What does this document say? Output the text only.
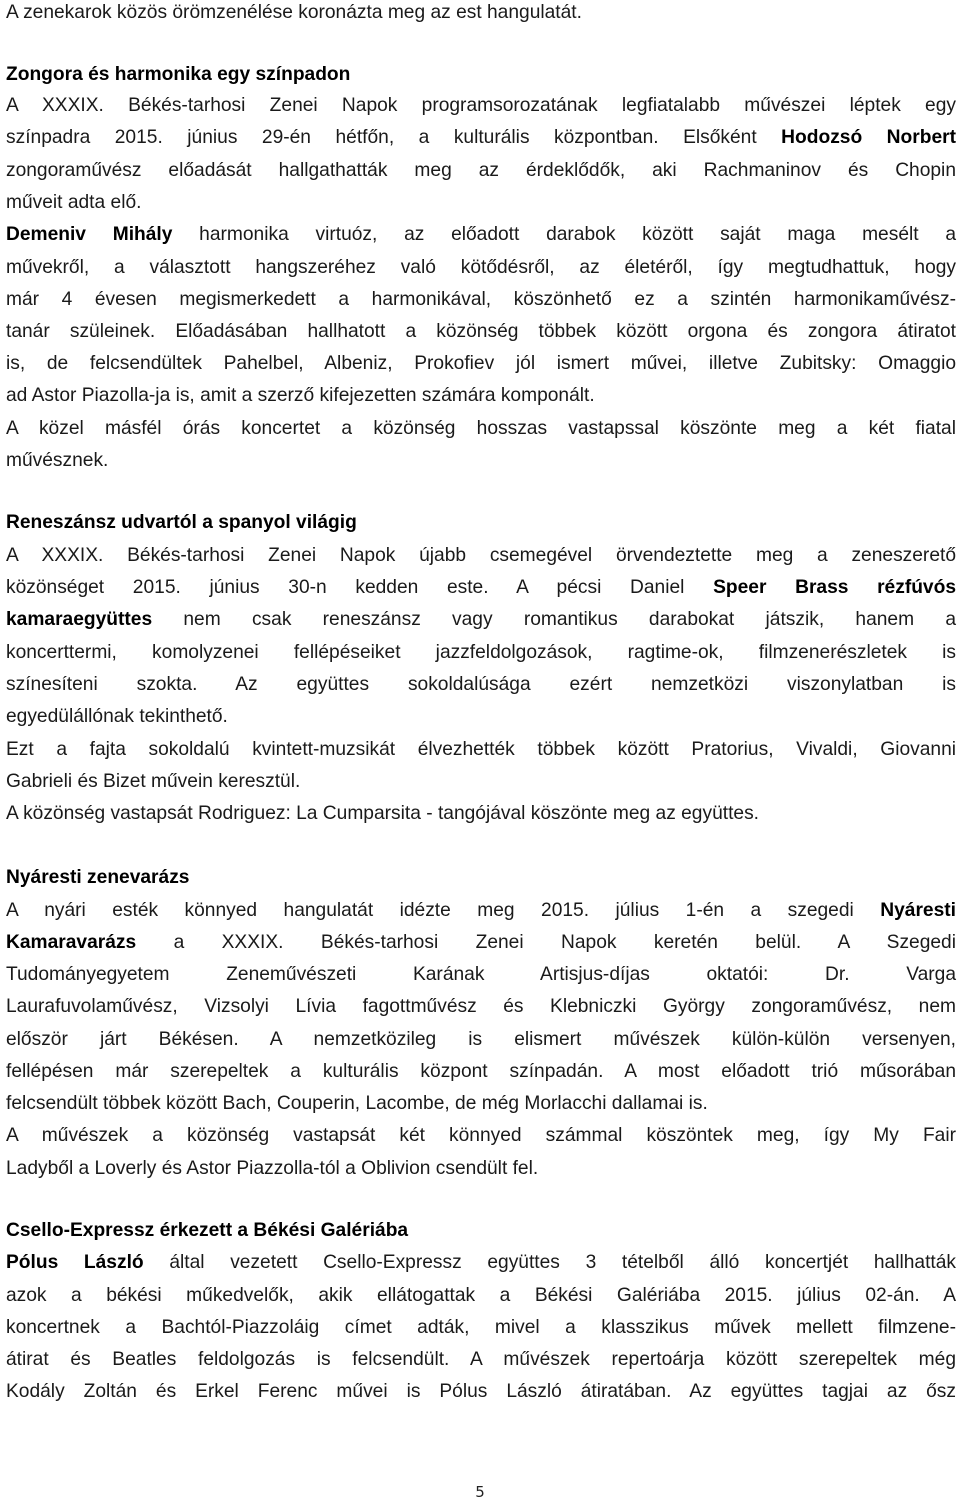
A zenekarok közös örömzenélése koronázta meg az est hangulatát.
Zongora és harmonika egy színpadon
A XXXIX. Békés-tarhosi Zenei Napok programsorozatának legfiatalabb művészei léptek egy
színpadra 2015. június 29-én hétfőn, a kulturális központban. Elsőként Hodozsó Norbert
zongoraművész előadását hallgathatták meg az érdeklődők, aki Rachmaninov és Chopin
műveit adta elő.
Demeniv Mihály harmonika virtuóz, az előadott darabok között saját maga mesélt a
művekről, a választott hangszeréhez való kötődésről, az életéről, így megtudhattuk, hogy
már 4 évesen megismerkedett a harmonikával, köszönhető ez a szintén harmonikaművész-
tanár szüleinek. Előadásában hallhatott a közönség többek között orgona és zongora átiratot
is, de felcsendültek Pahelbel, Albeniz, Prokofiev jól ismert művei, illetve Zubitsky: Omaggio
ad Astor Piazolla-ja is, amit a szerző kifejezetten számára komponált.
A közel másfél órás koncertet a közönség hosszas vastapssal köszönte meg a két fiatal
művésznek.
Reneszánsz udvartól a spanyol világig
A XXXIX. Békés-tarhosi Zenei Napok újabb csemegével örvendeztette meg a zeneszerető
közönséget 2015. június 30-n kedden este. A pécsi Daniel Speer Brass rézfúvós
kamaraegyüttes nem csak reneszánsz vagy romantikus darabokat játszik, hanem a
koncerttermi, komolyzenei fellépéseiket jazzfeldolgozások, ragtime-ok, filmzenerészletek is
színesíteni szokta. Az együttes sokoldalúsága ezért nemzetközi viszonylatban is
egyedülállónak tekinthető.
Ezt a fajta sokoldalú kvintett-muzsikát élvezhették többek között Pratorius, Vivaldi, Giovanni
Gabrieli és Bizet művein keresztül.
A közönség vastapsát Rodriguez: La Cumparsita - tangójával köszönte meg az együttes.
Nyáresti zenevarázs
A nyári esték könnyed hangulatát idézte meg 2015. július 1-én a szegedi Nyáresti
Kamaravarázs a XXXIX. Békés-tarhosi Zenei Napok keretén belül. A Szegedi
Tudományegyetem Zeneművészeti Karának Artisjus-díjas oktatói: Dr. Varga
Laurafuvolaművész, Vizsolyi Lívia fagottművész és Klebniczki György zongoraművész, nem
először járt Békésen. A nemzetközileg is elismert művészek külön-külön versenyen,
fellépésen már szerepeltek a kulturális központ színpadán. A most előadott trió műsorában
felcsendült többek között Bach, Couperin, Lacombe, de még Morlacchi dallamai is.
A művészek a közönség vastapsát két könnyed számmal köszöntek meg, így My Fair
Ladyből a Loverly és Astor Piazzolla-tól a Oblivion csendült fel.
Csello-Expressz érkezett a Békési Galériába
Pólus László által vezetett Csello-Expressz együttes 3 tételből álló koncertjét hallhatták
azok a békési műkedvelők, akik ellátogattak a Békési Galériába 2015. július 02-án. A
koncertnek a Bachtól-Piazzoláig címet adták, mivel a klasszikus művek mellett filmzene-
átirat és Beatles feldolgozás is felcsendült. A művészek repertoárja között szerepeltek még
Kodály Zoltán és Erkel Ferenc művei is Pólus László átiratában. Az együttes tagjai az ősz
5
